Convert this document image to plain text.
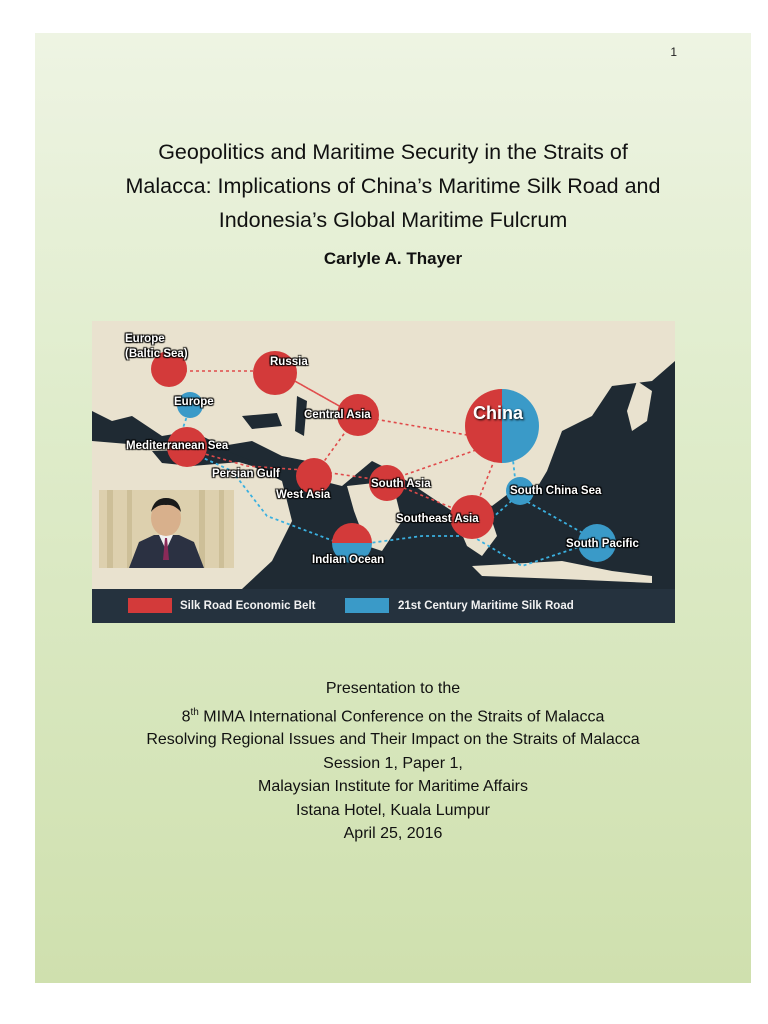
1
Geopolitics and Maritime Security in the Straits of
Malacca: Implications of China’s Maritime Silk Road and
Indonesia’s Global Maritime Fulcrum
Carlyle A. Thayer
Europe
(Baltic Sea)
Russia
Europe
Central Asia	China
Mediterranean Sea
Persian Gulf
West Asia
South Asia
South China Sea
Southeast Asia
South Pacific
Indian Ocean
Silk Road Economic Belt	21st Century Maritime Silk Road
Presentation to the
8th MIMA International Conference on the Straits of Malacca
Resolving Regional Issues and Their Impact on the Straits of Malacca
Session 1, Paper 1,
Malaysian Institute for Maritime Affairs
Istana Hotel, Kuala Lumpur
April 25, 2016
